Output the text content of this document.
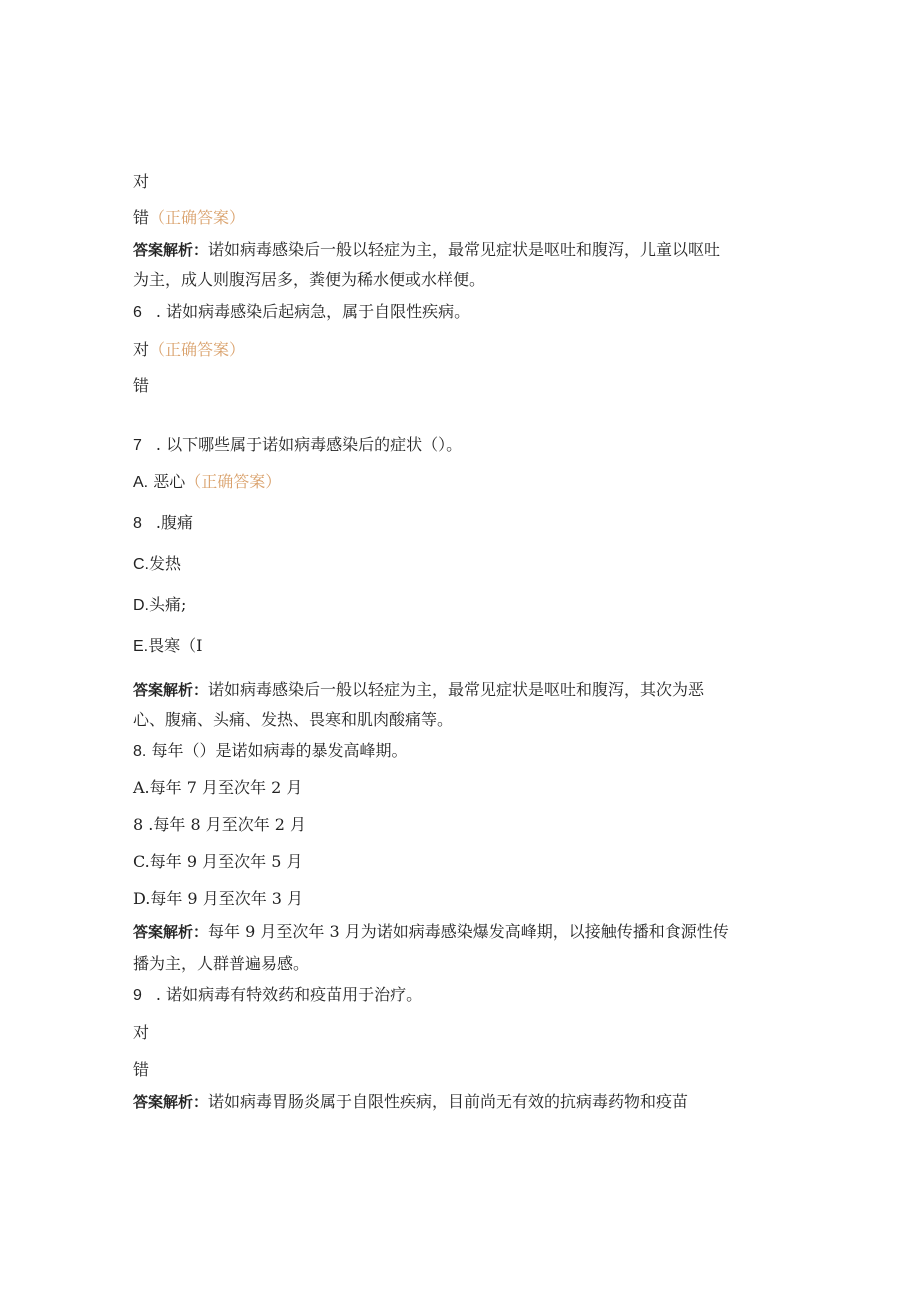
对
错（正确答案）
答案解析：诺如病毒感染后一般以轻症为主，最常见症状是呕吐和腹泻，儿童以呕吐
为主，成人则腹泻居多，粪便为稀水便或水样便。
6 . 诺如病毒感染后起病急，属于自限性疾病。
对（正确答案）
错
7 . 以下哪些属于诺如病毒感染后的症状（）。
A. 恶心（正确答案）
8 .腹痛
C.发热
D.头痛;
E.畏寒（I
答案解析：诺如病毒感染后一般以轻症为主，最常见症状是呕吐和腹泻，其次为恶
心、腹痛、头痛、发热、畏寒和肌肉酸痛等。
8. 每年（）是诺如病毒的暴发高峰期。
A.每年 7 月至次年 2 月
8 .每年 8 月至次年 2 月
C.每年 9 月至次年 5 月
D.每年 9 月至次年 3 月
答案解析：每年 9 月至次年 3 月为诺如病毒感染爆发高峰期，以接触传播和食源性传
播为主，人群普遍易感。
9 . 诺如病毒有特效药和疫苗用于治疗。
对
错
答案解析：诺如病毒胃肠炎属于自限性疾病，目前尚无有效的抗病毒药物和疫苗
